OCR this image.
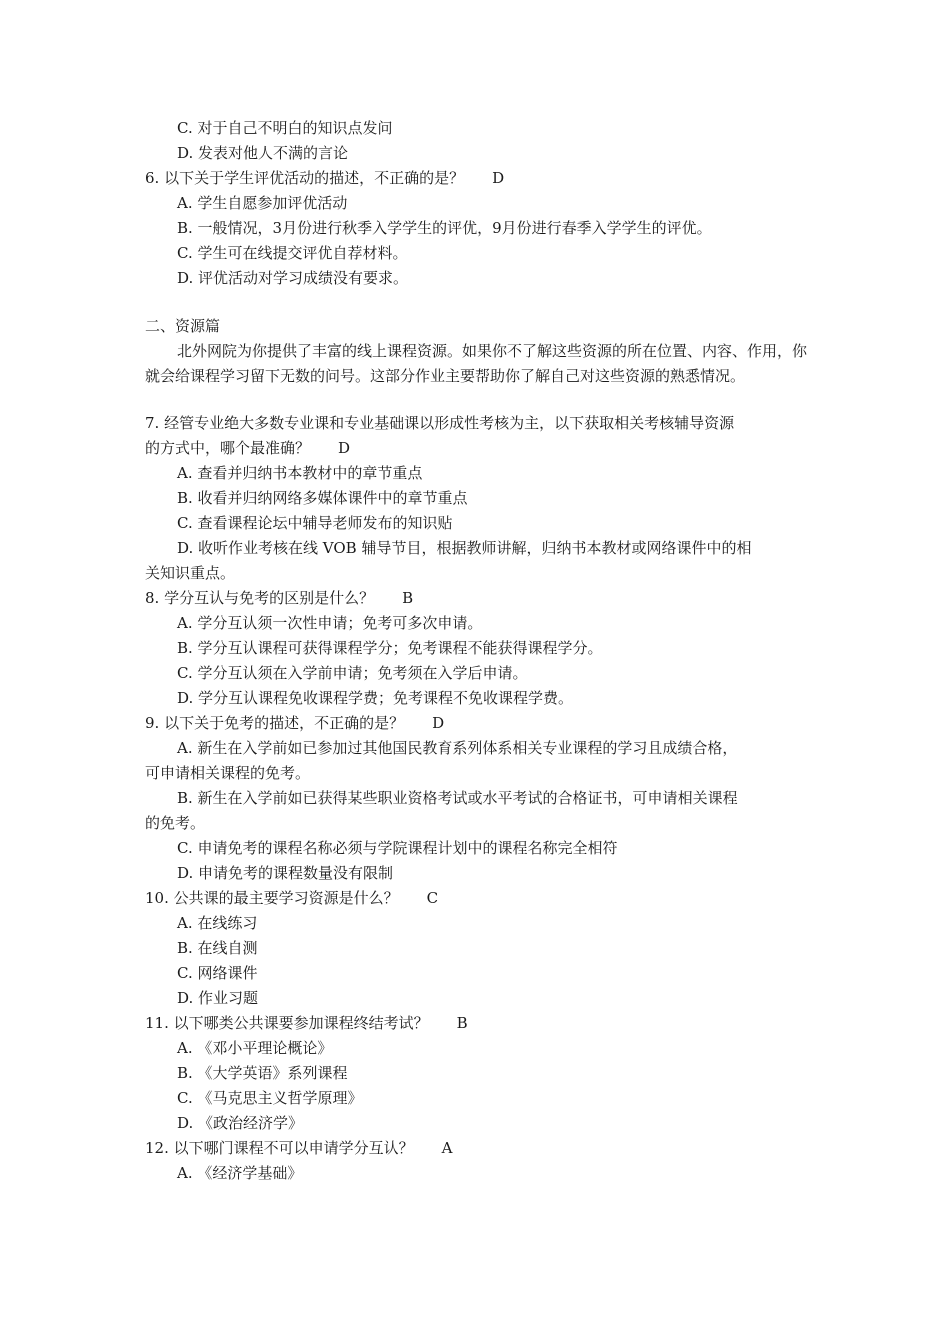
C. 对于自己不明白的知识点发问
D. 发表对他人不满的言论
6. 以下关于学生评优活动的描述，不正确的是？ D
A. 学生自愿参加评优活动
B. 一般情况，3月份进行秋季入学学生的评优，9月份进行春季入学学生的评优。
C. 学生可在线提交评优自荐材料。
D. 评优活动对学习成绩没有要求。
二、资源篇
北外网院为你提供了丰富的线上课程资源。如果你不了解这些资源的所在位置、内容、作用，你就会给课程学习留下无数的问号。这部分作业主要帮助你了解自己对这些资源的熟悉情况。
7. 经管专业绝大多数专业课和专业基础课以形成性考核为主，以下获取相关考核辅导资源
的方式中，哪个最准确？ D
A. 查看并归纳书本教材中的章节重点
B. 收看并归纳网络多媒体课件中的章节重点
C. 查看课程论坛中辅导老师发布的知识贴
D. 收听作业考核在线 VOB 辅导节目，根据教师讲解，归纳书本教材或网络课件中的相
关知识重点。
8. 学分互认与免考的区别是什么？ B
A. 学分互认须一次性申请；免考可多次申请。
B. 学分互认课程可获得课程学分；免考课程不能获得课程学分。
C. 学分互认须在入学前申请；免考须在入学后申请。
D. 学分互认课程免收课程学费；免考课程不免收课程学费。
9. 以下关于免考的描述，不正确的是？ D
A. 新生在入学前如已参加过其他国民教育系列体系相关专业课程的学习且成绩合格，
可申请相关课程的免考。
B. 新生在入学前如已获得某些职业资格考试或水平考试的合格证书，可申请相关课程
的免考。
C. 申请免考的课程名称必须与学院课程计划中的课程名称完全相符
D. 申请免考的课程数量没有限制
10. 公共课的最主要学习资源是什么？ C
A. 在线练习
B. 在线自测
C. 网络课件
D. 作业习题
11. 以下哪类公共课要参加课程终结考试？ B
A. 《邓小平理论概论》
B. 《大学英语》系列课程
C. 《马克思主义哲学原理》
D. 《政治经济学》
12. 以下哪门课程不可以申请学分互认？ A
A. 《经济学基础》
